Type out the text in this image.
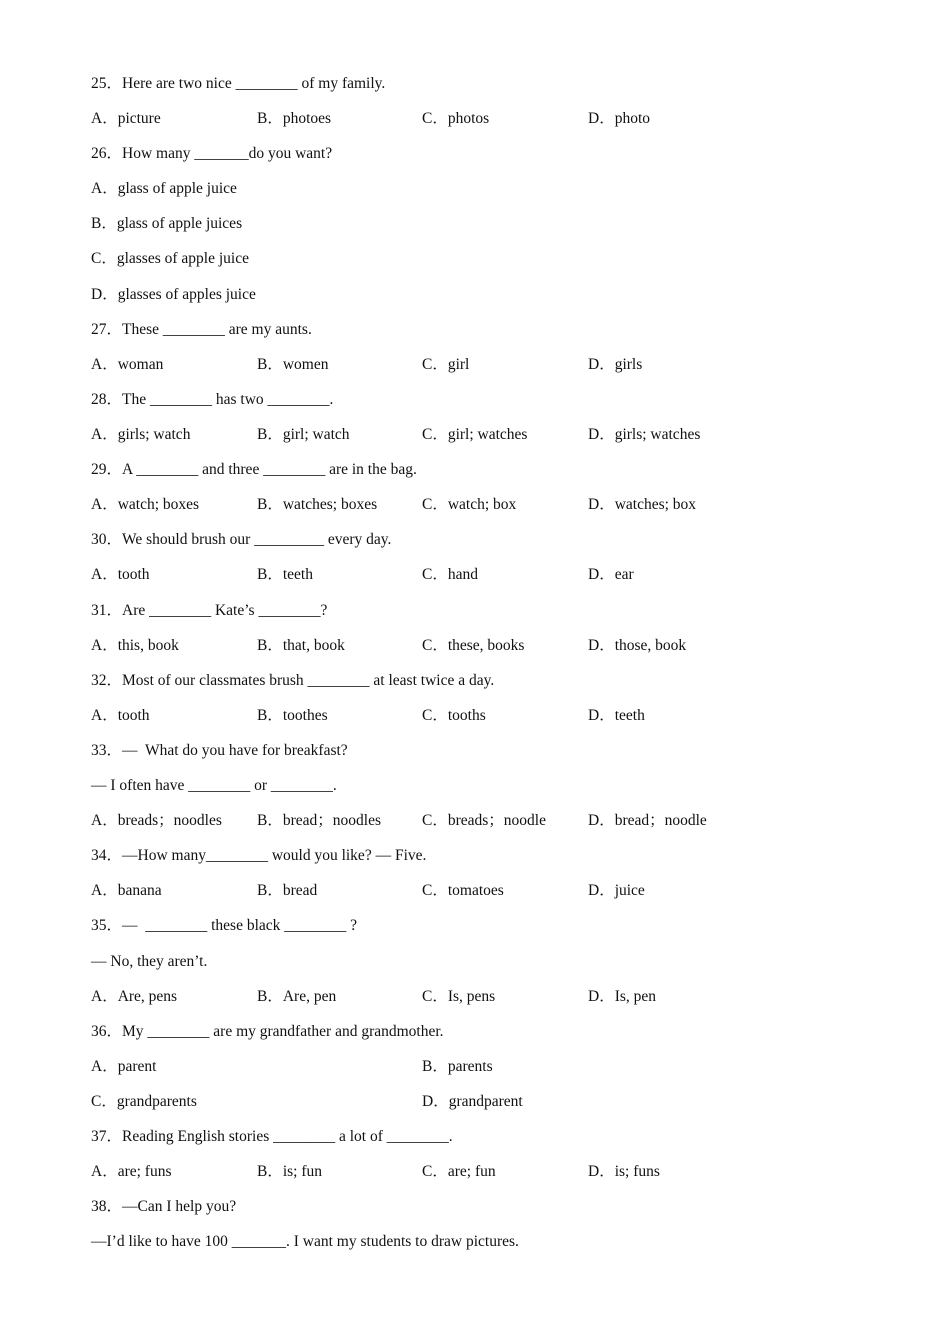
25．Here are two nice ________ of my family.
A．picture	B．photoes	C．photos	D．photo
26．How many _______do you want?
A．glass of apple juice
B．glass of apple juices
C．glasses of apple juice
D．glasses of apples juice
27．These ________ are my aunts.
A．woman	B．women	C．girl	D．girls
28．The ________ has two ________.
A．girls; watch	B．girl; watch	C．girl; watches	D．girls; watches
29．A ________ and three ________ are in the bag.
A．watch; boxes	B．watches; boxes	C．watch; box	D．watches; box
30．We should brush our _________ every day.
A．tooth	B．teeth	C．hand	D．ear
31．Are ________ Kate’s ________?
A．this, book	B．that, book	C．these, books	D．those, book
32．Most of our classmates brush ________ at least twice a day.
A．tooth	B．toothes	C．tooths	D．teeth
33．—  What do you have for breakfast?
— I often have ________ or ________.
A．breads；noodles B．bread；noodles	C．breads；noodle	D．bread；noodle
34．—How many________ would you like? — Five.
A．banana	B．bread	C．tomatoes	D．juice
35．—  ________ these black ________ ?
— No, they aren’t.
A．Are, pens	B．Are, pen	C．Is, pens	D．Is, pen
36．My ________ are my grandfather and grandmother.
A．parent	B．parents
C．grandparents	D．grandparent
37．Reading English stories ________ a lot of ________.
A．are; funs	B．is; fun	C．are; fun	D．is; funs
38．—Can I help you?
—I’d like to have 100 _______. I want my students to draw pictures.
